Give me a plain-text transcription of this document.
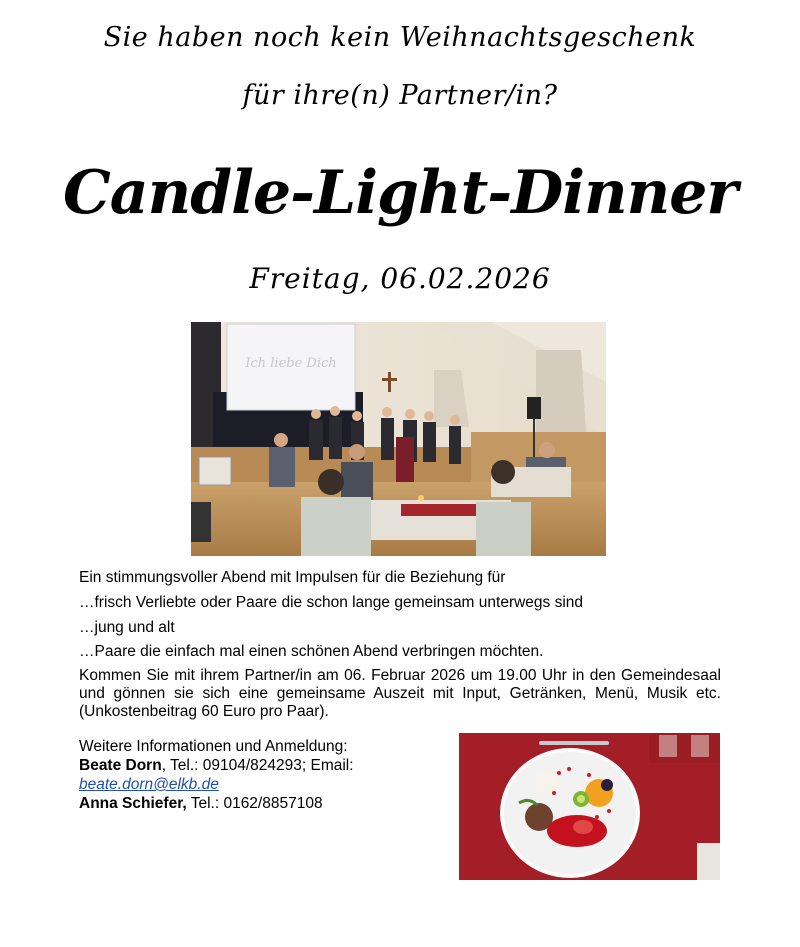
Sie haben noch kein Weihnachtsgeschenk
für ihre(n) Partner/in?
Candle-Light-Dinner
Freitag, 06.02.2026
Ich liebe Dich
Ein stimmungsvoller Abend mit Impulsen für die Beziehung für
…frisch Verliebte oder Paare die schon lange gemeinsam unterwegs sind
…jung und alt
…Paare die einfach mal einen schönen Abend verbringen möchten.
Kommen Sie mit ihrem Partner/in am 06. Februar 2026 um 19.00 Uhr in den Gemeindesaal und gönnen sie sich eine gemeinsame Auszeit mit Input, Getränken, Menü, Musik etc. (Unkostenbeitrag 60 Euro pro Paar).
Weitere Informationen und Anmeldung:
Beate Dorn, Tel.: 09104/824293; Email:
beate.dorn@elkb.de
Anna Schiefer, Tel.: 0162/8857108
